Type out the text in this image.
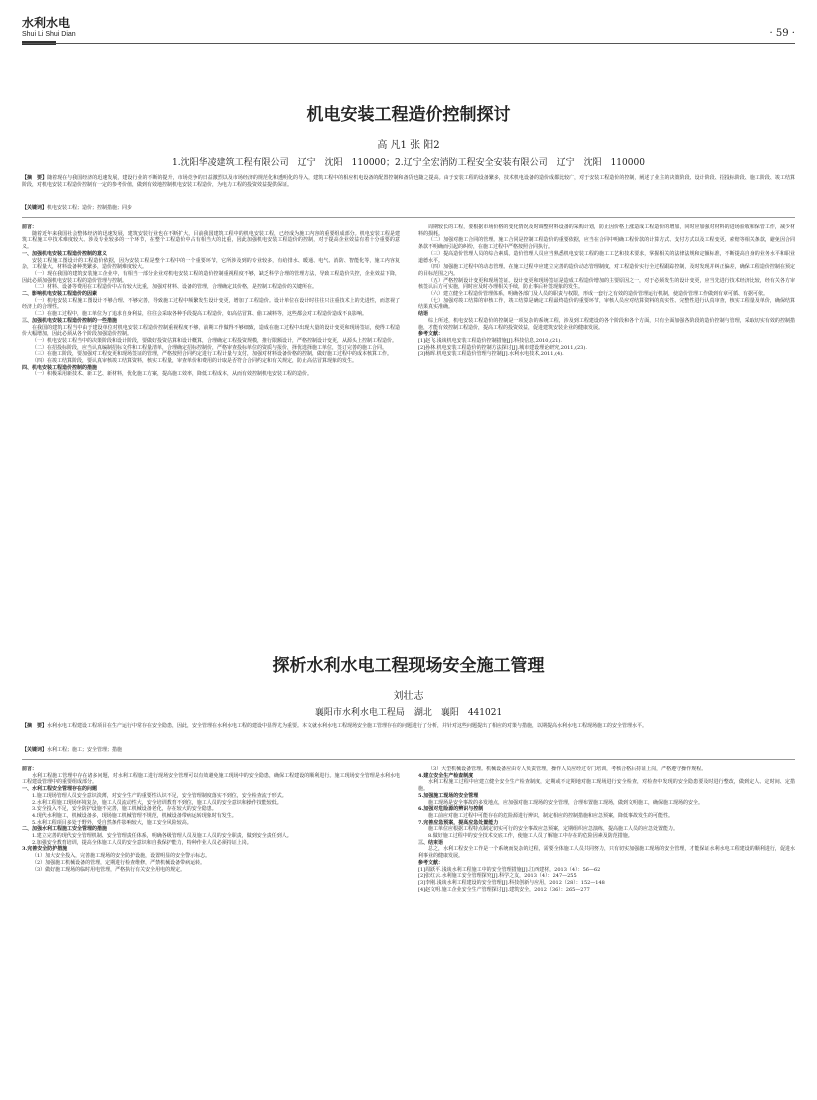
水利水电
Shui Li Shui Dian	· 59 ·
机电安装工程造价控制探讨
高 凡1 张 阳2
1.沈阳华凌建筑工程有限公司　辽宁　沈阳　110000；2.辽宁全宏消防工程安全安装有限公司　辽宁　沈阳　110000
【摘　要】随着现在与我国经济的迅速发展，建设行业的不断的提升，市场竞争的日益激烈以及市场经济的规范化和透明化的导入，建筑工程中的相应机电设备的配置控制和备货也随之提高。由于安装工程的设备繁多，技术机电设备的造价成都比较广，对于安装工程造价的控制，阐述了业主的决策阶段、设计阶段、招投标阶段、施工阶段、竣工结算阶段，对机电安装工程造价控制有一定的参考价值，做到有效地控制机电安装工程造价，为电力工程的投资效益提供保证。
【关键词】机电安装工程；造价；控制措施；同步

前言：

随着近年来我国社会整体经济的迅速发展，建筑安装行业也在不断扩大，目前我国建筑工程中的机电安装工程，已经成为施工内容的重要组成部分。机电安装工程是建筑工程施工中技术难度较大、涉及专业较多的一个环节，在整个工程造价中占有相当大的比重，因此加强机电安装工程造价的控制，对于提高企业效益有着十分重要的意义。

一、加强机电安装工程造价控制的意义

安装工程施工图设计的工程造价依据，因为安装工程是整个工程中的一个重要环节，它所涉及到的专业较多，有给排水、暖通、电气、消防、智能化等，施工内容复杂，工程量大，材料设备种类繁多，造价控制难度较大。

（一）现在我国的建筑安装施工企业中，有相当一部分企业对机电安装工程的造价控制重视程度不够，缺乏科学合理的管理方法，导致工程造价失控，企业效益下降，因此必须加强机电安装工程的造价管理与控制。

（二）材料、设备等费用在工程造价中占有较大比重，加强对材料、设备的管理，合理确定其价格，是控制工程造价的关键所在。

二、影响机电安装工程造价的因素

（一）机电安装工程施工图设计不够合理、不够完善，导致施工过程中频繁发生设计变更，增加了工程造价。设计单位在设计时往往只注重技术上的先进性，而忽视了经济上的合理性。

（二）在施工过程中，施工单位为了追求自身利益，往往会采取各种手段提高工程造价，如高估冒算、偷工减料等，这些都会对工程造价造成不良影响。

三、加强机电安装工程造价控制的一些措施

在我国的建筑工程当中由于建设单位对机电安装工程造价控制重视程度不够，前期工作做得不够细致，造成在施工过程中出现大量的设计变更和现场签证，使得工程造价大幅增加，因此必须从各个阶段加强造价控制。

（一）机电安装工程当中的决策阶段和设计阶段，要做好投资估算和设计概算，合理确定工程投资规模，推行限额设计，严格控制设计变更，从源头上控制工程造价。

（二）在招投标阶段，应当认真编制招标文件和工程量清单，合理确定招标控制价，严格审查投标单位的资质与报价，择优选择施工单位，签订完善的施工合同。

（三）在施工阶段，要加强对工程变更和现场签证的管理，严格按照合同约定进行工程计量与支付，加强对材料设备价格的控制，做好施工过程中的成本核算工作。

（四）在竣工结算阶段，要认真审核竣工结算资料，核实工程量，审查单价和费用的计取是否符合合同约定和有关规定，防止高估冒算现象的发生。

四、机电安装工程造价控制的措施

（一）积极采用新技术、新工艺、新材料，优化施工方案，提高施工效率，降低工程成本，从而有效控制机电安装工程的造价。

周期较长的工程，要根据市场价格的变化情况及时调整材料设备的采购计划，防止因价格上涨造成工程造价的增加，同时应加强对材料的进场验收和保管工作，减少材料的损耗。

（二）加强对施工合同的管理。施工合同是控制工程造价的重要依据，应当在合同中明确工程价款的计算方式、支付方式以及工程变更、索赔等相关条款，避免因合同条款不明确而引起的纠纷，在施工过程中严格按照合同执行。

（三）提高造价管理人员的综合素质。造价管理人员应当熟悉机电安装工程的施工工艺和技术要求，掌握相关的法律法规和定额标准，不断提高自身的业务水平和职业道德水平。

（四）加强施工过程中的动态管理。在施工过程中应建立完善的造价动态管理制度，对工程造价实行全过程跟踪控制，及时发现并纠正偏差，确保工程造价控制在预定的目标范围之内。

（五）严格控制设计变更和现场签证。设计变更和现场签证是造成工程造价增加的主要原因之一，对于必须发生的设计变更，应当先进行技术经济比较，经有关各方审核签认后方可实施，同时应及时办理相关手续，防止事后补签现象的发生。

（六）建立健全工程造价管理体系，明确各部门及人员的职责与权限，形成一套行之有效的造价管理运行机制，使造价管理工作做到有章可循、有据可依。

（七）加强对竣工结算的审核工作，竣工结算是确定工程最终造价的重要环节，审核人员应对结算资料的真实性、完整性进行认真审查，核实工程量及单价，确保结算结果真实准确。

结语

综上所述，机电安装工程造价的控制是一项复杂的系统工程，涉及到工程建设的各个阶段和各个方面，只有全面加强各阶段的造价控制与管理，采取切实有效的控制措施，才能有效控制工程造价，提高工程的投资效益，促进建筑安装企业的健康发展。

参考文献：

[1]赵飞.浅谈机电安装工程造价控制措施[J].科技信息,2010,(21).

[2]孙林.机电安装工程造价的控制方法探讨[J].城市建设理论研究,2011,(23).

[3]杨晖.机电安装工程造价管理与控制[J].水利水电技术,2011,(4).

探析水利水电工程现场安全施工管理
刘壮志
襄阳市水利水电工程局　湖北　襄阳　441021
【摘　要】水利水电工程建设工程项目在生产运行中常存在安全隐患，因此，安全管理在水利水电工程的建设中显得尤为重要。本文就水利水电工程现场安全施工管理存在的问题进行了分析，并针对这些问题提出了相应的对策与措施，以期提高水利水电工程现场施工的安全管理水平。
【关键词】水利工程；施工；安全管理；措施

前言：

水利工程施工管理中存在诸多问题，对水利工程施工进行现场安全管理可以有效避免施工现场中的安全隐患，确保工程建设的顺利进行。施工现场安全管理是水利水电工程建设管理中的重要组成部分。

一、水利工程安全管理存在的问题

1.施工现场管理人员安全意识淡薄，对安全生产的重要性认识不足，安全管理制度落实不到位，安全检查流于形式。

2.水利工程施工现场环境复杂，施工人员流动性大，安全培训教育不到位，施工人员的安全意识和操作技能较低。

3.安全投入不足，安全防护设施不完善，施工机械设备老化，存在较大的安全隐患。

4.现代水利施工，机械设备多，现场施工机械管理不规范，机械设备带病运转现象时有发生。

5.水利工程项目多处于野外，受自然条件影响较大，施工安全风险较高。

二、加强水利工程施工安全管理的措施

1.建立完善的现代安全管理机制、安全管理责任体系，明确各级管理人员及施工人员的安全职责，做到安全责任到人。

2.加强安全教育培训，提高全体施工人员的安全意识和自我保护能力，特种作业人员必须持证上岗。

3.完善安全防护措施

（1）加大安全投入，完善施工现场的安全防护设施，设置明显的安全警示标志。

（2）加强施工机械设备的管理，定期进行检查维修，严禁机械设备带病运转。

（3）做好施工现场的临时用电管理，严格执行有关安全用电的规定。

（3）大型机械设备管理。机械设备应由专人负责管理，操作人员应经过专门培训，考核合格后持证上岗，严格遵守操作规程。

4.建立安全生产检查制度

水利工程施工过程中应建立健全安全生产检查制度，定期或不定期地对施工现场进行安全检查，对检查中发现的安全隐患要及时进行整改，做到定人、定时间、定措施。

5.加强施工现场的安全管理

施工现场是安全事故的多发地点，应加强对施工现场的安全管理，合理布置施工现场，做到文明施工，确保施工现场的安全。

6.加强对危险源的辨识与控制

施工前应对施工过程中可能存在的危险源进行辨识，制定相应的控制措施和应急预案，降低事故发生的可能性。

7.完善应急预案，提高应急处置能力

施工单位应根据工程特点制定切实可行的安全事故应急预案，定期组织应急演练，提高施工人员的应急处置能力。

8.做好施工过程中的安全技术交底工作，使施工人员了解施工中存在的危险因素及防范措施。

三、结束语

总之，水利工程安全工作是一个系统而复杂的过程，需要全体施工人员共同努力，只有切实加强施工现场的安全管理，才能保证水利水电工程建设的顺利进行，促进水利事业的健康发展。

参考文献：

[1]周跃平.浅谈水利工程施工中的安全管理措施[J].江西建材，2013（4）：56—62

[2]张红云.水利施工安全管理探究[J].科学之友，2013（4）：247—255

[3]李刚.浅谈水利工程建设的安全管理[J].科技创新与应用，2012（28）：152—148

[4]赵文明.施工企业安全生产管理探讨[J].建筑安全，2012（36）：265—277
